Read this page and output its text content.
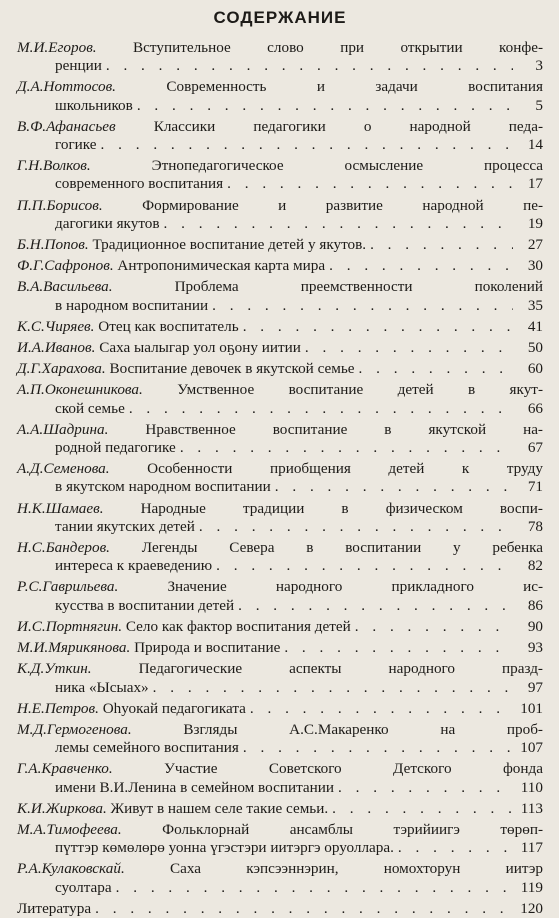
СОДЕРЖАНИЕ
М.И.Егоров. Вступительное слово при открытии конфе-
ренции . . .	3
Д.А.Ноттосов.	Современность и задачи воспитания
школьников . . .	5
В.Ф.Афанасьев	Классики педагогики о народной педа-
гогике . . .	14
Г.Н.Волков.	Этнопедагогическое осмысление процесса
современного воспитания . . .	17
П.П.Борисов.	Формирование и развитие народной пе-
дагогики якутов . . .	19
Б.Н.Попов. Традиционное воспитание детей у якутов. . . .	27
Ф.Г.Сафронов. Антропонимическая карта мира . . .	30
В.А.Васильева.	Проблема преемственности поколений
в народном воспитании . . .	35
К.С.Чиряев. Отец как воспитатель . . .	41
И.А.Иванов. Саха ыалыгар уол оҕону иитии . . .	50
Д.Г.Харахова. Воспитание девочек в якутской семье . . .	60
А.П.Оконешникова. Умственное воспитание детей в якут-
ской семье . . .	66
А.А.Шадрина. Нравственное воспитание в якутской на-
родной педагогике . . .	67
А.Д.Семенова. Особенности приобщения детей к труду
в якутском народном воспитании . . .	71
Н.К.Шамаев. Народные традиции в физическом воспи-
тании якутских детей . . .	78
Н.С.Бандеров. Легенды Севера в воспитании у ребенка
интереса к краеведению . . .	82
Р.С.Гаврильева.	Значение народного прикладного ис-
кусства в воспитании детей . . .	86
И.С.Портнягин. Село как фактор воспитания детей . . .	90
М.И.Мярикянова. Природа и воспитание . . .	93
К.Д.Уткин.	Педагогические аспекты народного празд-
ника «Ысыах» . . .	97
Н.Е.Петров. Оһуокай педагогиката . . .	101
М.Д.Гермогенова.	Взгляды А.С.Макаренко на проб-
лемы семейного воспитания . . .	107
Г.А.Кравченко.	Участие Советского Детского фонда
имени В.И.Ленина в семейном воспитании . . .	110
К.И.Жиркова. Живут в нашем селе такие семьи. . . .	113
М.А.Тимофеева.	Фольклорнай ансамблы тэрийиигэ төрөп-
пүттэр көмөлөрө уонна үгэстэри иитэргэ оруоллара. . . .	117
Р.А.Кулаковскай.	Саха кэпсээннэрин, номохторун иитэр
суолтара . . .	119
Литература . . .	120
